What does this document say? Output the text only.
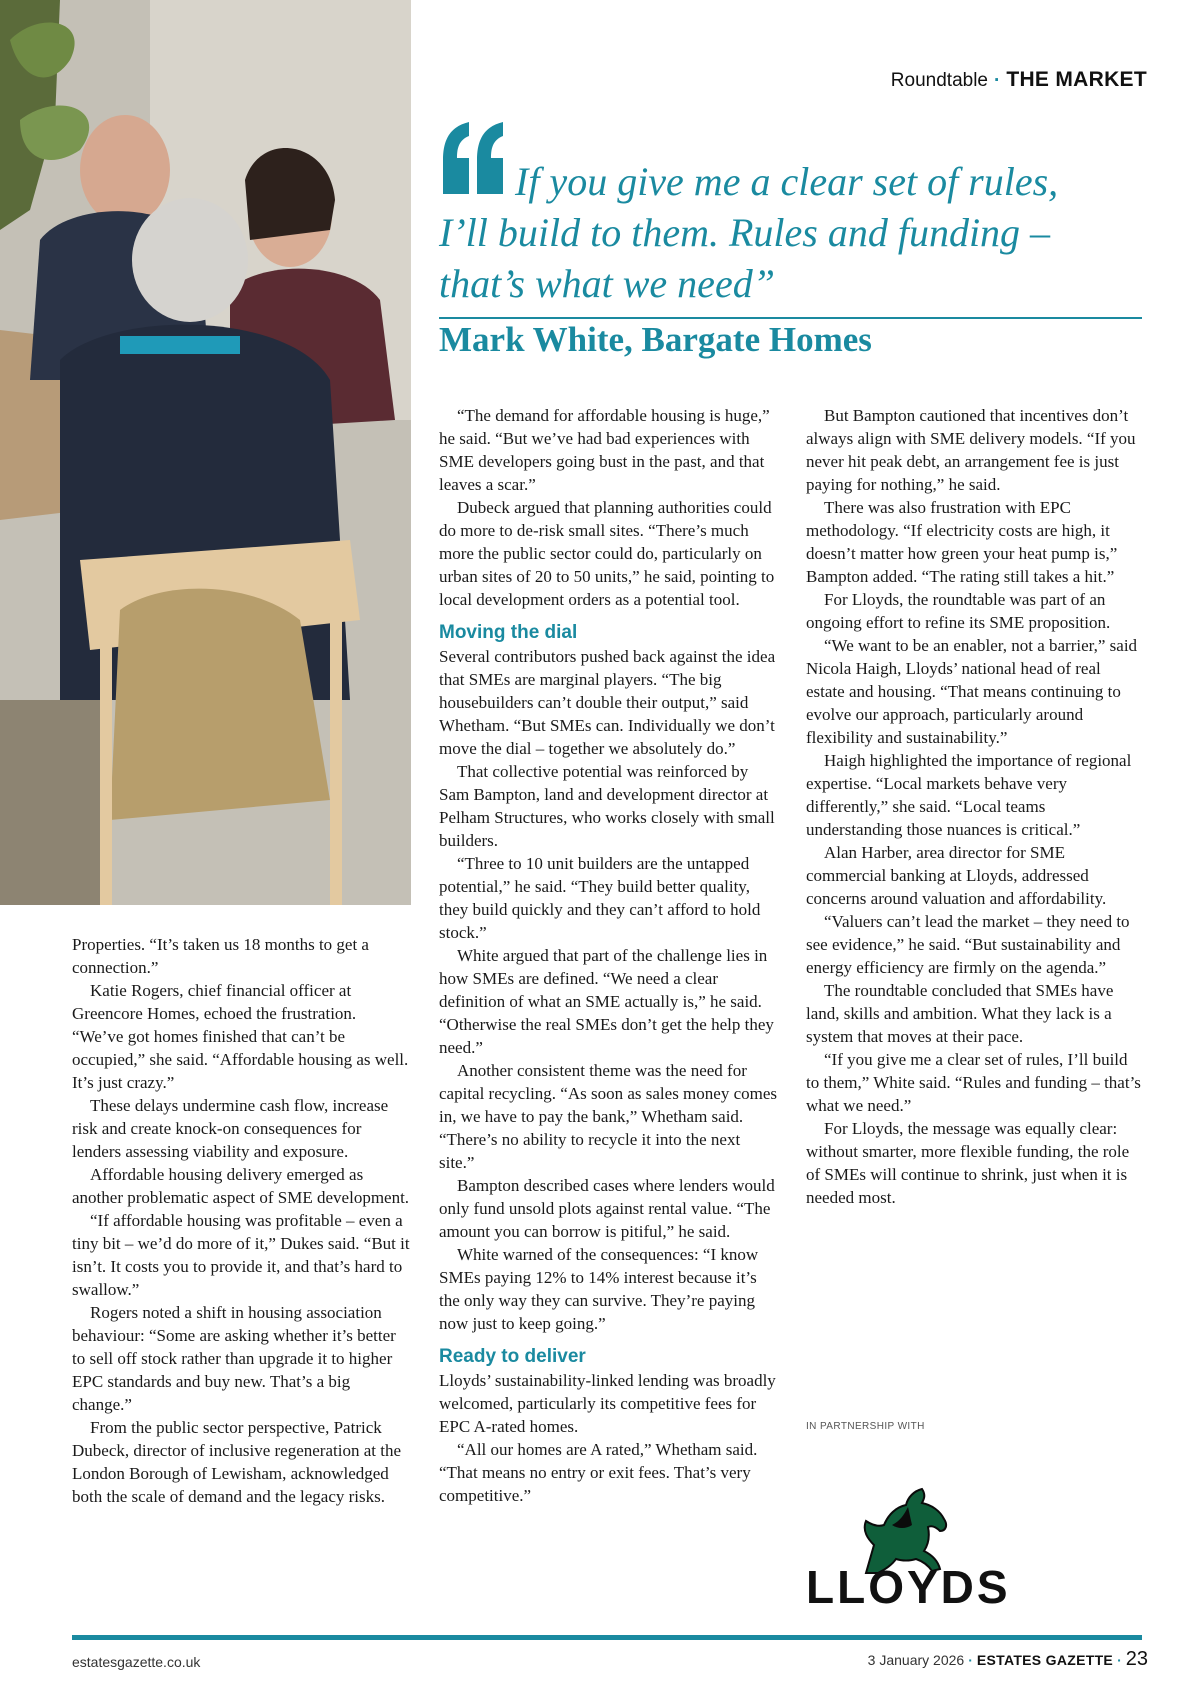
Roundtable · THE MARKET
If you give me a clear set of rules,
I’ll build to them. Rules and funding –
that’s what we need”
Mark White, Bargate Homes

Properties. “It’s taken us 18 months to get a connection.”

Katie Rogers, chief financial officer at Greencore Homes, echoed the frustration. “We’ve got homes finished that can’t be occupied,” she said. “Affordable housing as well. It’s just crazy.”

These delays undermine cash flow, increase risk and create knock-on consequences for lenders assessing viability and exposure.

Affordable housing delivery emerged as another problematic aspect of SME development.

“If affordable housing was profitable – even a tiny bit – we’d do more of it,” Dukes said. “But it isn’t. It costs you to provide it, and that’s hard to swallow.”

Rogers noted a shift in housing association behaviour: “Some are asking whether it’s better to sell off stock rather than upgrade it to higher EPC standards and buy new. That’s a big change.”

From the public sector perspective, Patrick Dubeck, director of inclusive regeneration at the London Borough of Lewisham, acknowledged both the scale of demand and the legacy risks.

“The demand for affordable housing is huge,” he said. “But we’ve had bad experiences with SME developers going bust in the past, and that leaves a scar.”

Dubeck argued that planning authorities could do more to de-risk small sites. “There’s much more the public sector could do, particularly on urban sites of 20 to 50 units,” he said, pointing to local development orders as a potential tool.

Moving the dial

Several contributors pushed back against the idea that SMEs are marginal players. “The big housebuilders can’t double their output,” said Whetham. “But SMEs can. Individually we don’t move the dial – together we absolutely do.”

That collective potential was reinforced by Sam Bampton, land and development director at Pelham Structures, who works closely with small builders.

“Three to 10 unit builders are the untapped potential,” he said. “They build better quality, they build quickly and they can’t afford to hold stock.”

White argued that part of the challenge lies in how SMEs are defined. “We need a clear definition of what an SME actually is,” he said. “Otherwise the real SMEs don’t get the help they need.”

Another consistent theme was the need for capital recycling. “As soon as sales money comes in, we have to pay the bank,” Whetham said. “There’s no ability to recycle it into the next site.”

Bampton described cases where lenders would only fund unsold plots against rental value. “The amount you can borrow is pitiful,” he said.

White warned of the consequences: “I know SMEs paying 12% to 14% interest because it’s the only way they can survive. They’re paying now just to keep going.”

Ready to deliver

Lloyds’ sustainability-linked lending was broadly welcomed, particularly its competitive fees for EPC A-rated homes.

“All our homes are A rated,” Whetham said. “That means no entry or exit fees. That’s very competitive.”

But Bampton cautioned that incentives don’t always align with SME delivery models. “If you never hit peak debt, an arrangement fee is just paying for nothing,” he said.

There was also frustration with EPC methodology. “If electricity costs are high, it doesn’t matter how green your heat pump is,” Bampton added. “The rating still takes a hit.”

For Lloyds, the roundtable was part of an ongoing effort to refine its SME proposition.

“We want to be an enabler, not a barrier,” said Nicola Haigh, Lloyds’ national head of real estate and housing. “That means continuing to evolve our approach, particularly around flexibility and sustainability.”

Haigh highlighted the importance of regional expertise. “Local markets behave very differently,” she said. “Local teams understanding those nuances is critical.”

Alan Harber, area director for SME commercial banking at Lloyds, addressed concerns around valuation and affordability.

“Valuers can’t lead the market – they need to see evidence,” he said. “But sustainability and energy efficiency are firmly on the agenda.”

The roundtable concluded that SMEs have land, skills and ambition. What they lack is a system that moves at their pace.

“If you give me a clear set of rules, I’ll build to them,” White said. “Rules and funding – that’s what we need.”

For Lloyds, the message was equally clear: without smarter, more flexible funding, the role of SMEs will continue to shrink, just when it is needed most.

IN PARTNERSHIP WITH
LLOYDS
estatesgazette.co.uk	3 January 2026 · ESTATES GAZETTE · 23
